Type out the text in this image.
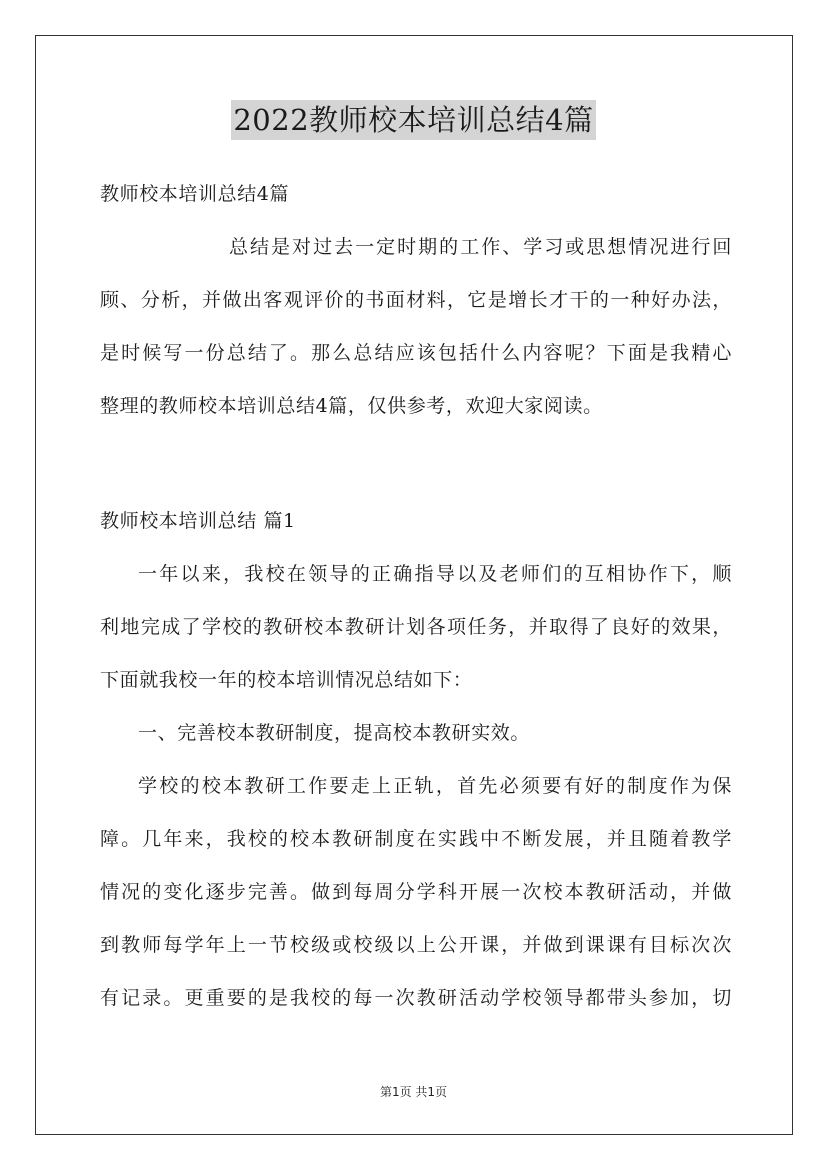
2022教师校本培训总结4篇
教师校本培训总结4篇
总结是对过去一定时期的工作、学习或思想情况进行回
顾、分析，并做出客观评价的书面材料，它是增长才干的一种好办法，
是时候写一份总结了。那么总结应该包括什么内容呢？下面是我精心
整理的教师校本培训总结4篇，仅供参考，欢迎大家阅读。
教师校本培训总结 篇1
一年以来，我校在领导的正确指导以及老师们的互相协作下，顺
利地完成了学校的教研校本教研计划各项任务，并取得了良好的效果，
下面就我校一年的校本培训情况总结如下：
一、完善校本教研制度，提高校本教研实效。
学校的校本教研工作要走上正轨，首先必须要有好的制度作为保
障。几年来，我校的校本教研制度在实践中不断发展，并且随着教学
情况的变化逐步完善。做到每周分学科开展一次校本教研活动，并做
到教师每学年上一节校级或校级以上公开课，并做到课课有目标次次
有记录。更重要的是我校的每一次教研活动学校领导都带头参加，切
第1页 共1页
